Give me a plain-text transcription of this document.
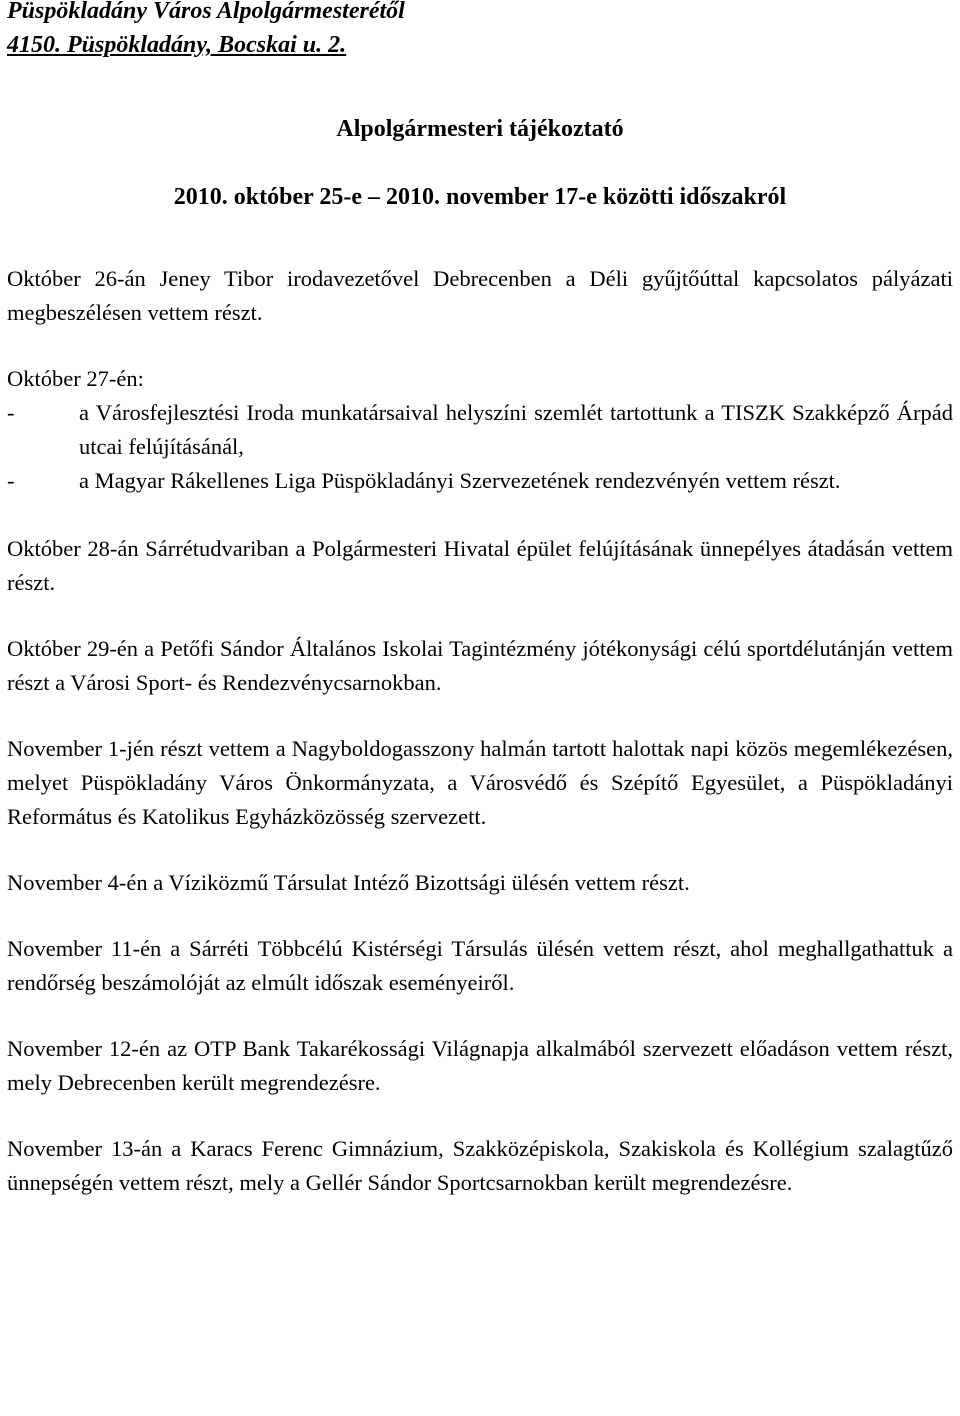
Püspökladány Város Alpolgármesterétől
4150. Püspökladány, Bocskai u. 2.
Alpolgármesteri tájékoztató
2010. október 25-e – 2010. november 17-e közötti időszakról

Október 26-án Jeney Tibor irodavezetővel Debrecenben a Déli gyűjtőúttal kapcsolatos pályázati megbeszélésen vettem részt.

Október 27-én:

-	a Városfejlesztési Iroda munkatársaival helyszíni szemlét tartottunk a TISZK Szakképző Árpád utcai felújításánál,
-	a Magyar Rákellenes Liga Püspökladányi Szervezetének rendezvényén vettem részt.

Október 28-án Sárrétudvariban a Polgármesteri Hivatal épület felújításának ünnepélyes átadásán vettem részt.

Október 29-én a Petőfi Sándor Általános Iskolai Tagintézmény jótékonysági célú sportdélutánján vettem részt a Városi Sport- és Rendezvénycsarnokban.

November 1-jén részt vettem a Nagyboldogasszony halmán tartott halottak napi közös megemlékezésen, melyet Püspökladány Város Önkormányzata, a Városvédő és Szépítő Egyesület, a Püspökladányi Református és Katolikus Egyházközösség szervezett.

November 4-én a Víziközmű Társulat Intéző Bizottsági ülésén vettem részt.

November 11-én a Sárréti Többcélú Kistérségi Társulás ülésén vettem részt, ahol meghallgathattuk a rendőrség beszámolóját az elmúlt időszak eseményeiről.

November 12-én az OTP Bank Takarékossági Világnapja alkalmából szervezett előadáson vettem részt, mely Debrecenben került megrendezésre.

November 13-án a Karacs Ferenc Gimnázium, Szakközépiskola, Szakiskola és Kollégium szalagtűző ünnepségén vettem részt, mely a Gellér Sándor Sportcsarnokban került megrendezésre.
